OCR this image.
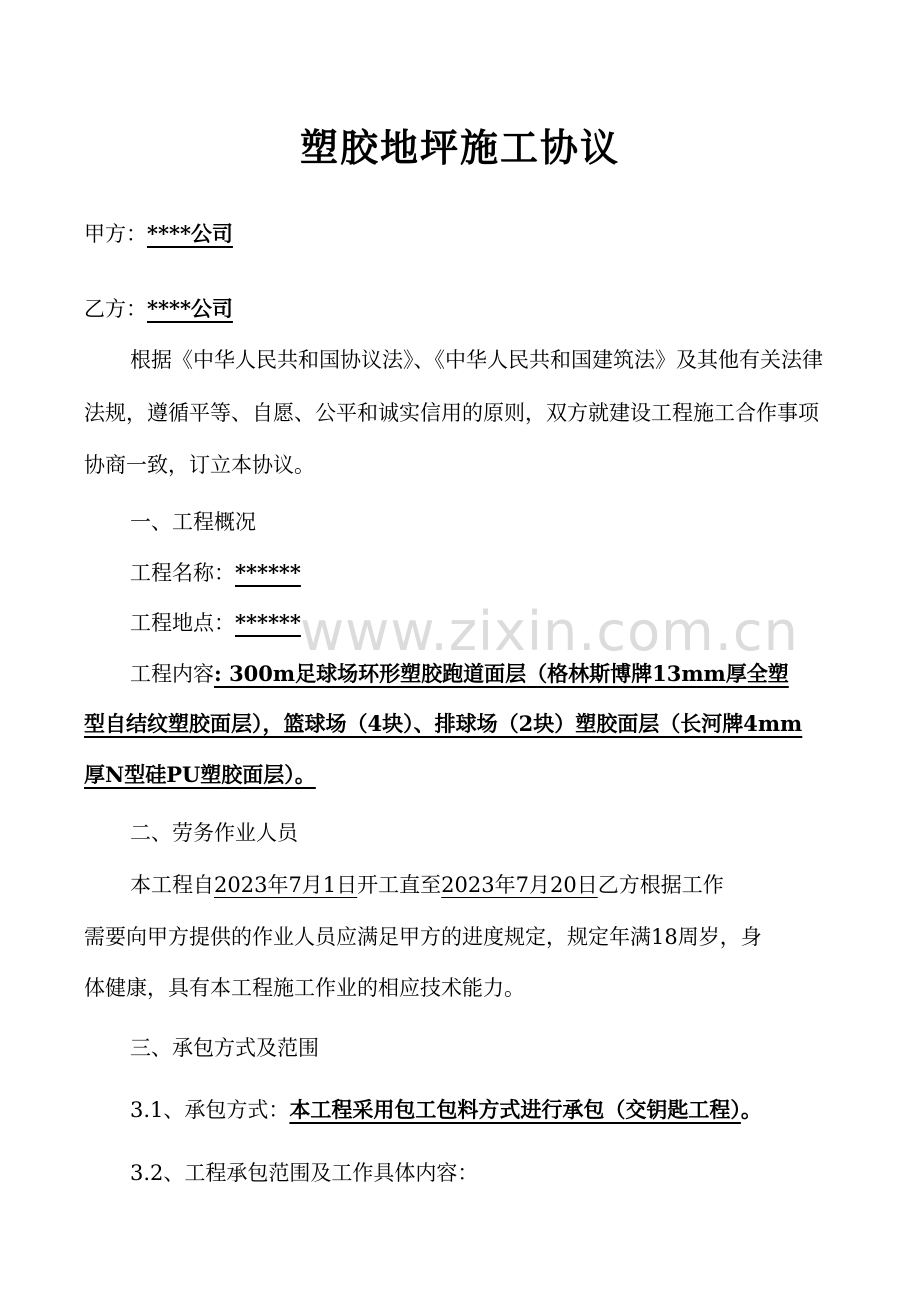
www.zixin.com.cn
塑胶地坪施工协议
甲方：****公司
乙方：****公司
根据《中华人民共和国协议法》、《中华人民共和国建筑法》及其他有关法律
法规，遵循平等、自愿、公平和诚实信用的原则，双方就建设工程施工合作事项
协商一致，订立本协议。
一、工程概况
工程名称：******
工程地点：******
工程内容: 300m足球场环形塑胶跑道面层（格林斯博牌13mm厚全塑
型自结纹塑胶面层），篮球场（4块）、排球场（2块）塑胶面层（长河牌4mm
厚N型硅PU塑胶面层）。
二、劳务作业人员
本工程自2023年7月1日开工直至2023年7月20日乙方根据工作
需要向甲方提供的作业人员应满足甲方的进度规定，规定年满18周岁，身
体健康，具有本工程施工作业的相应技术能力。
三、承包方式及范围
3.1、承包方式：本工程采用包工包料方式进行承包（交钥匙工程）。
3.2、工程承包范围及工作具体内容：
